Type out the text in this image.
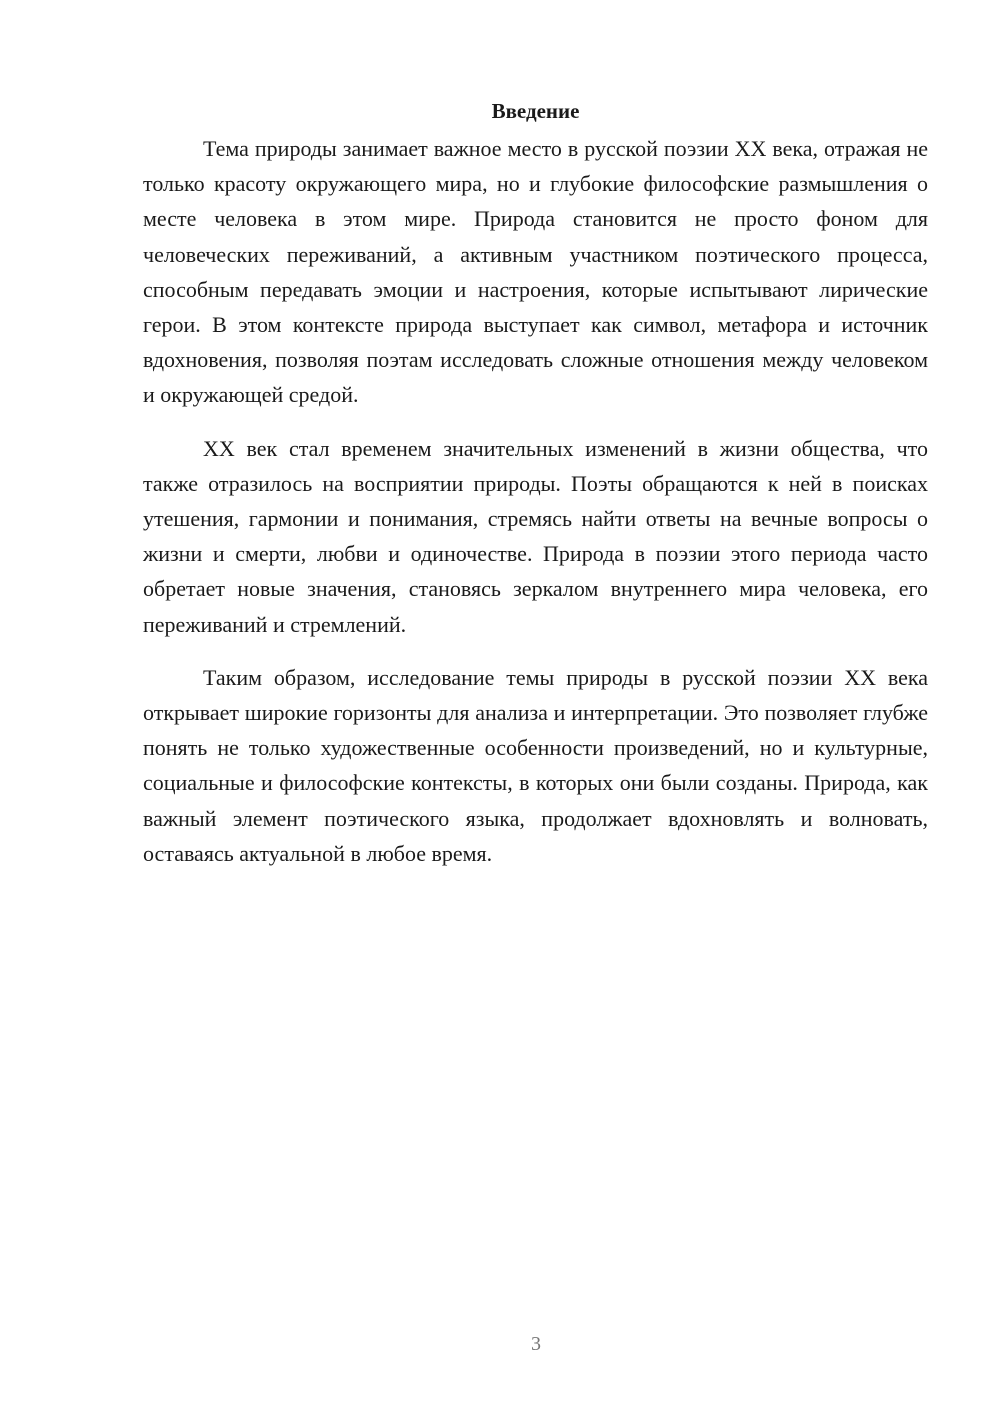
Введение

Тема природы занимает важное место в русской поэзии XX века, отражая не только красоту окружающего мира, но и глубокие философские размышления о месте человека в этом мире. Природа становится не просто фоном для человеческих переживаний, а активным участником поэтического процесса, способным передавать эмоции и настроения, которые испытывают лирические герои. В этом контексте природа выступает как символ, метафора и источник вдохновения, позволяя поэтам исследовать сложные отношения между человеком и окружающей средой.

XX век стал временем значительных изменений в жизни общества, что также отразилось на восприятии природы. Поэты обращаются к ней в поисках утешения, гармонии и понимания, стремясь найти ответы на вечные вопросы о жизни и смерти, любви и одиночестве. Природа в поэзии этого периода часто обретает новые значения, становясь зеркалом внутреннего мира человека, его переживаний и стремлений.

Таким образом, исследование темы природы в русской поэзии XX века открывает широкие горизонты для анализа и интерпретации. Это позволяет глубже понять не только художественные особенности произведений, но и культурные, социальные и философские контексты, в которых они были созданы. Природа, как важный элемент поэтического языка, продолжает вдохновлять и волновать, оставаясь актуальной в любое время.

3
